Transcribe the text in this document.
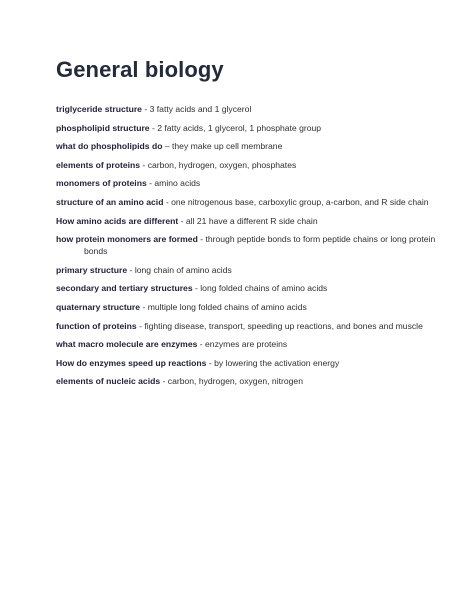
General biology
triglyceride structure - 3 fatty acids and 1 glycerol
phospholipid structure - 2 fatty acids, 1 glycerol, 1 phosphate group
what do phospholipids do – they make up cell membrane
elements of proteins - carbon, hydrogen, oxygen, phosphates
monomers of proteins - amino acids
structure of an amino acid - one nitrogenous base, carboxylic group, a-carbon, and R side chain
How amino acids are different - all 21 have a different R side chain
how protein monomers are formed - through peptide bonds to form peptide chains or long protein bonds
primary structure - long chain of amino acids
secondary and tertiary structures - long folded chains of amino acids
quaternary structure - multiple long folded chains of amino acids
function of proteins - fighting disease, transport, speeding up reactions, and bones and muscle
what macro molecule are enzymes - enzymes are proteins
How do enzymes speed up reactions - by lowering the activation energy
elements of nucleic acids - carbon, hydrogen, oxygen, nitrogen
